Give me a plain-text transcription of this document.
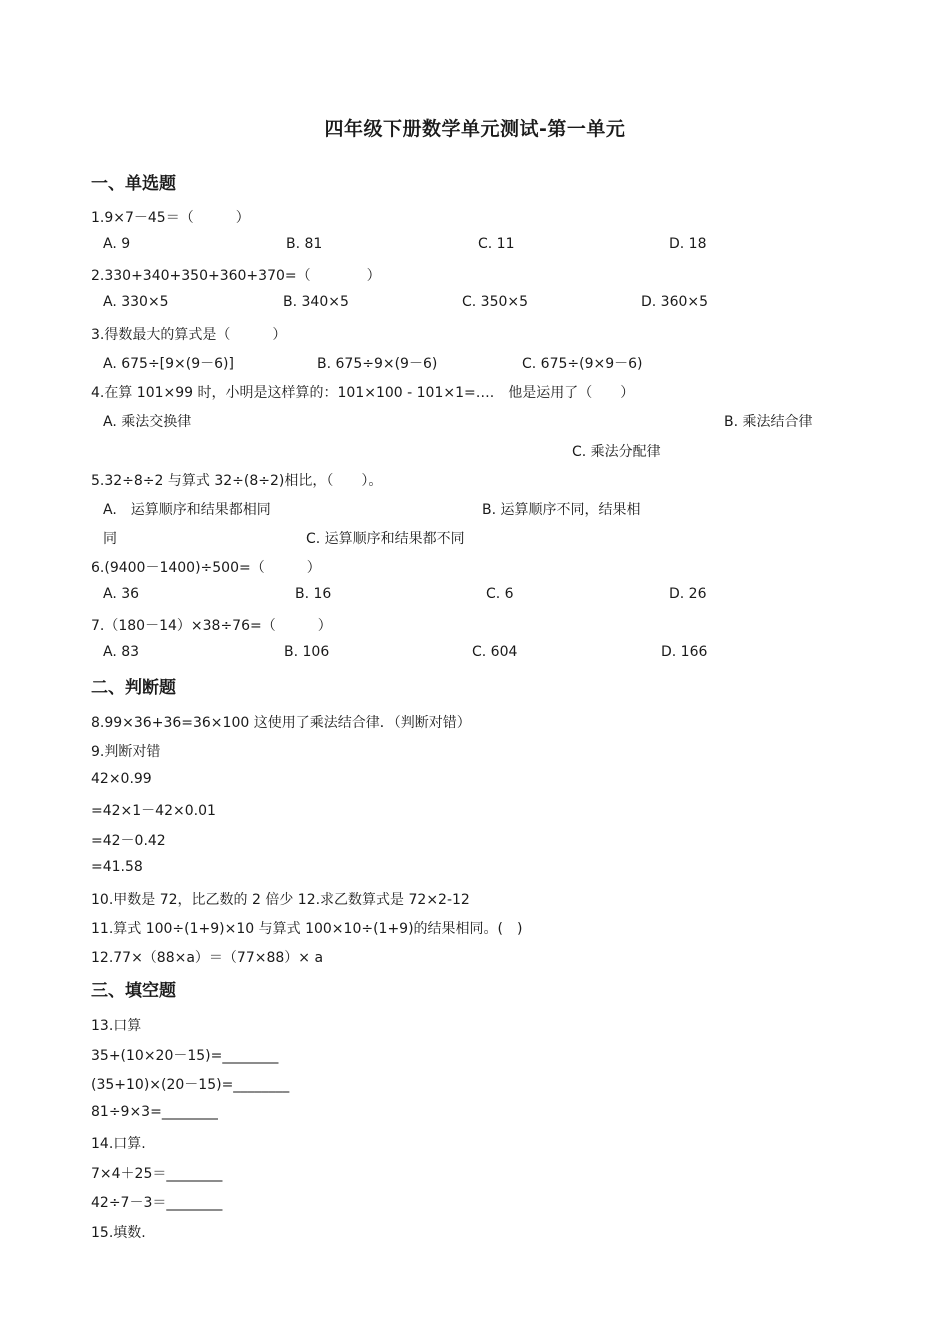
四年级下册数学单元测试-第一单元
一、单选题
1.9×7－45＝（　　　）
A. 9	B. 81	C. 11	D. 18
2.330+340+350+360+370=（　　　　）
A. 330×5	B. 340×5	C. 350×5	D. 360×5
3.得数最大的算式是（　　　）
A. 675÷[9×(9－6)]	B. 675÷9×(9－6)	C. 675÷(9×9－6)
4.在算 101×99 时，小明是这样算的：101×100 - 101×1=….　他是运用了（　　）
A. 乘法交换律	B. 乘法结合律
C. 乘法分配律
5.32÷8÷2 与算式 32÷(8÷2)相比，（　　）。
A.　运算顺序和结果都相同	B. 运算顺序不同，结果相
同	C. 运算顺序和结果都不同
6.(9400－1400)÷500=（　　　）
A. 36	B. 16	C. 6	D. 26
7.（180－14）×38÷76=（　　　）
A. 83	B. 106	C. 604	D. 166
二、判断题
8.99×36+36=36×100 这使用了乘法结合律．（判断对错）
9.判断对错
42×0.99
=42×1－42×0.01
=42－0.42
=41.58
10.甲数是 72，比乙数的 2 倍少 12.求乙数算式是 72×2-12
11.算式 100÷(1+9)×10 与算式 100×10÷(1+9)的结果相同。(　)
12.77×（88×a）＝（77×88）× a
三、填空题
13.口算
35+(10×20－15)=________
(35+10)×(20－15)=________
81÷9×3=________
14.口算.
7×4＋25＝________
42÷7－3＝________
15.填数.
